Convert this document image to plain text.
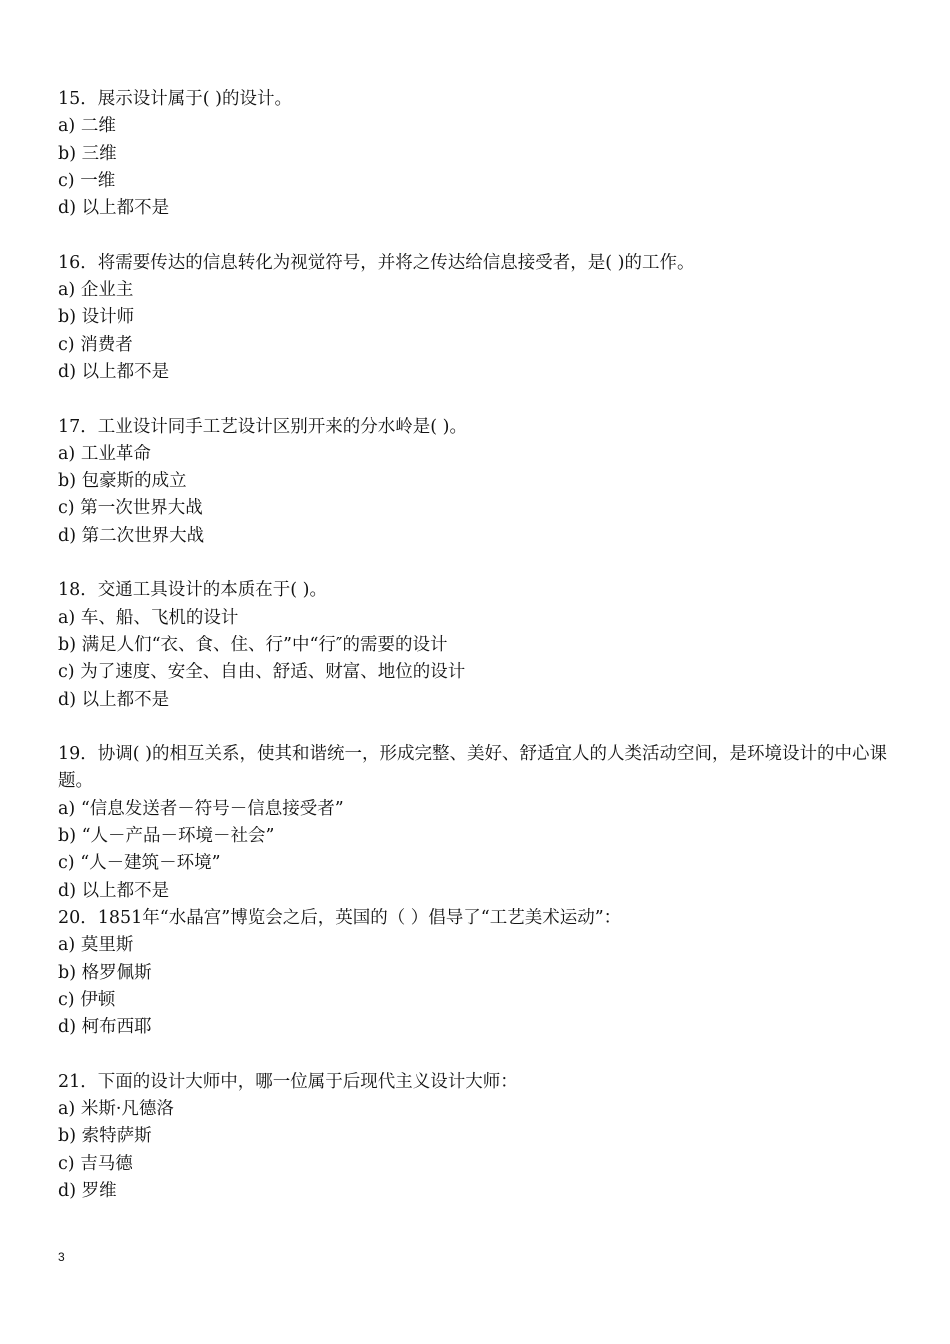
15．展示设计属于( )的设计。
a) 二维
b) 三维
c) 一维
d) 以上都不是
16．将需要传达的信息转化为视觉符号，并将之传达给信息接受者，是( )的工作。
a) 企业主
b) 设计师
c) 消费者
d) 以上都不是
17．工业设计同手工艺设计区别开来的分水岭是( )。
a) 工业革命
b) 包豪斯的成立
c) 第一次世界大战
d) 第二次世界大战
18．交通工具设计的本质在于( )。
a) 车、船、飞机的设计
b) 满足人们“衣、食、住、行”中“行″的需要的设计
c) 为了速度、安全、自由、舒适、财富、地位的设计
d) 以上都不是
19．协调( )的相互关系，使其和谐统一，形成完整、美好、舒适宜人的人类活动空间，是环境设计的中心课题。
a) “信息发送者－符号－信息接受者”
b) “人－产品－环境－社会”
c) “人－建筑－环境”
d) 以上都不是
20．1851年“水晶宫”博览会之后，英国的（ ）倡导了“工艺美术运动”：
a) 莫里斯
b) 格罗佩斯
c) 伊顿
d) 柯布西耶
21．下面的设计大师中，哪一位属于后现代主义设计大师：
a) 米斯·凡德洛
b) 索特萨斯
c) 吉马德
d) 罗维
3
